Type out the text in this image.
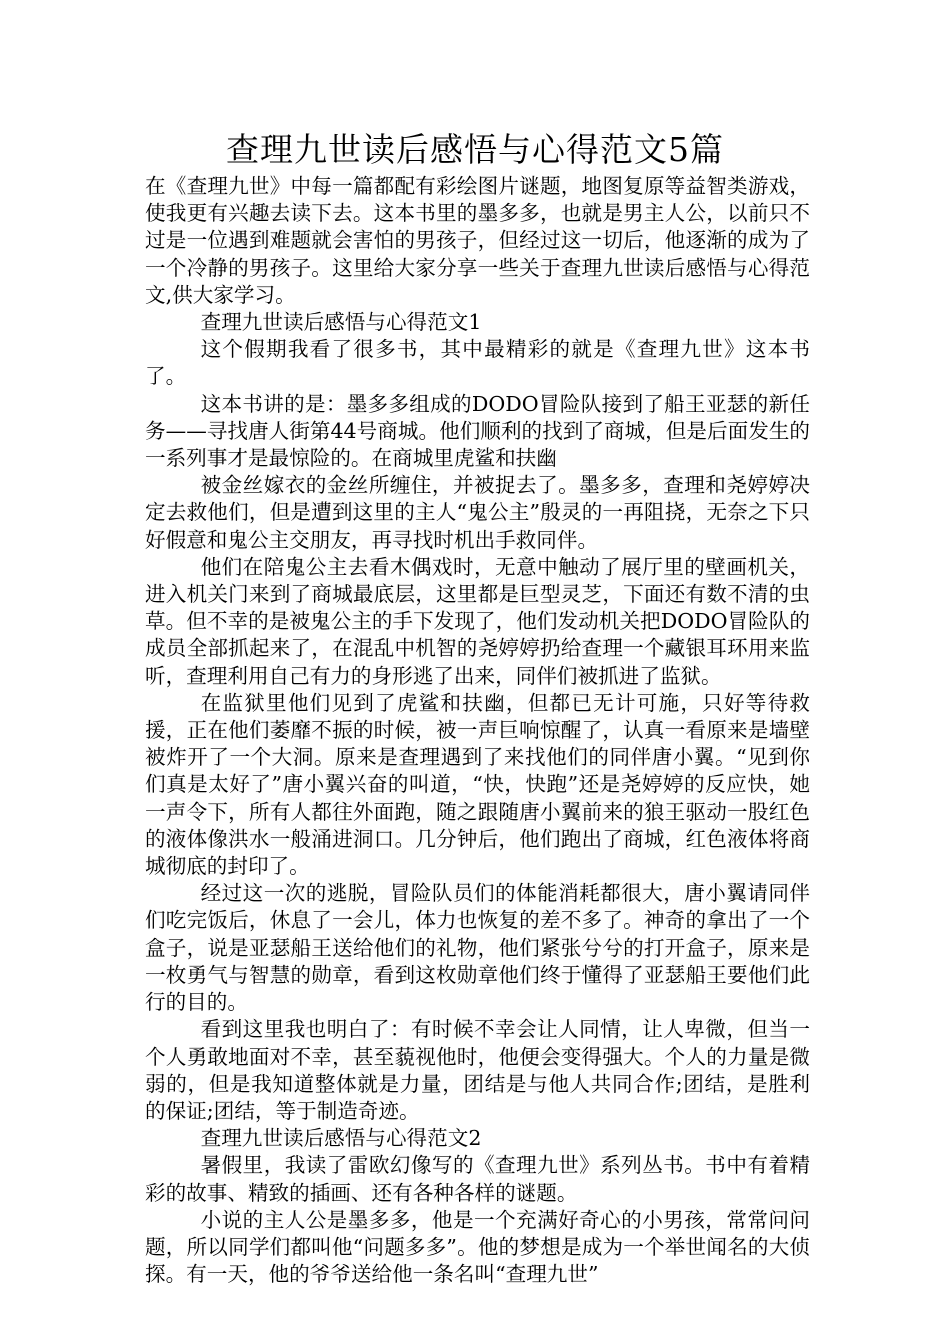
查理九世读后感悟与心得范文5篇

在《查理九世》中每一篇都配有彩绘图片谜题，地图复原等益智类游戏，使我更有兴趣去读下去。这本书里的墨多多，也就是男主人公，以前只不过是一位遇到难题就会害怕的男孩子，但经过这一切后，他逐渐的成为了一个冷静的男孩子。这里给大家分享一些关于查理九世读后感悟与心得范文,供大家学习。

查理九世读后感悟与心得范文1

这个假期我看了很多书，其中最精彩的就是《查理九世》这本书了。

这本书讲的是：墨多多组成的DODO冒险队接到了船王亚瑟的新任务——寻找唐人街第44号商城。他们顺利的找到了商城，但是后面发生的一系列事才是最惊险的。在商城里虎鲨和扶幽

被金丝嫁衣的金丝所缠住，并被捉去了。墨多多，查理和尧婷婷决定去救他们，但是遭到这里的主人“鬼公主”殷灵的一再阻挠，无奈之下只好假意和鬼公主交朋友，再寻找时机出手救同伴。

他们在陪鬼公主去看木偶戏时，无意中触动了展厅里的壁画机关，进入机关门来到了商城最底层，这里都是巨型灵芝，下面还有数不清的虫草。但不幸的是被鬼公主的手下发现了，他们发动机关把DODO冒险队的成员全部抓起来了，在混乱中机智的尧婷婷扔给查理一个藏银耳环用来监听，查理利用自己有力的身形逃了出来，同伴们被抓进了监狱。

在监狱里他们见到了虎鲨和扶幽，但都已无计可施，只好等待救援，正在他们萎靡不振的时候，被一声巨响惊醒了，认真一看原来是墙壁被炸开了一个大洞。原来是查理遇到了来找他们的同伴唐小翼。“见到你们真是太好了”唐小翼兴奋的叫道，“快，快跑”还是尧婷婷的反应快，她一声令下，所有人都往外面跑，随之跟随唐小翼前来的狼王驱动一股红色的液体像洪水一般涌进洞口。几分钟后，他们跑出了商城，红色液体将商城彻底的封印了。

经过这一次的逃脱，冒险队员们的体能消耗都很大，唐小翼请同伴们吃完饭后，休息了一会儿，体力也恢复的差不多了。神奇的拿出了一个盒子，说是亚瑟船王送给他们的礼物，他们紧张兮兮的打开盒子，原来是一枚勇气与智慧的勋章，看到这枚勋章他们终于懂得了亚瑟船王要他们此行的目的。

看到这里我也明白了：有时候不幸会让人同情，让人卑微，但当一个人勇敢地面对不幸，甚至藐视他时，他便会变得强大。个人的力量是微弱的，但是我知道整体就是力量，团结是与他人共同合作;团结，是胜利的保证;团结，等于制造奇迹。

查理九世读后感悟与心得范文2

暑假里，我读了雷欧幻像写的《查理九世》系列丛书。书中有着精彩的故事、精致的插画、还有各种各样的谜题。

小说的主人公是墨多多，他是一个充满好奇心的小男孩，常常问问题，所以同学们都叫他“问题多多”。他的梦想是成为一个举世闻名的大侦探。有一天，他的爷爷送给他一条名叫“查理九世”
